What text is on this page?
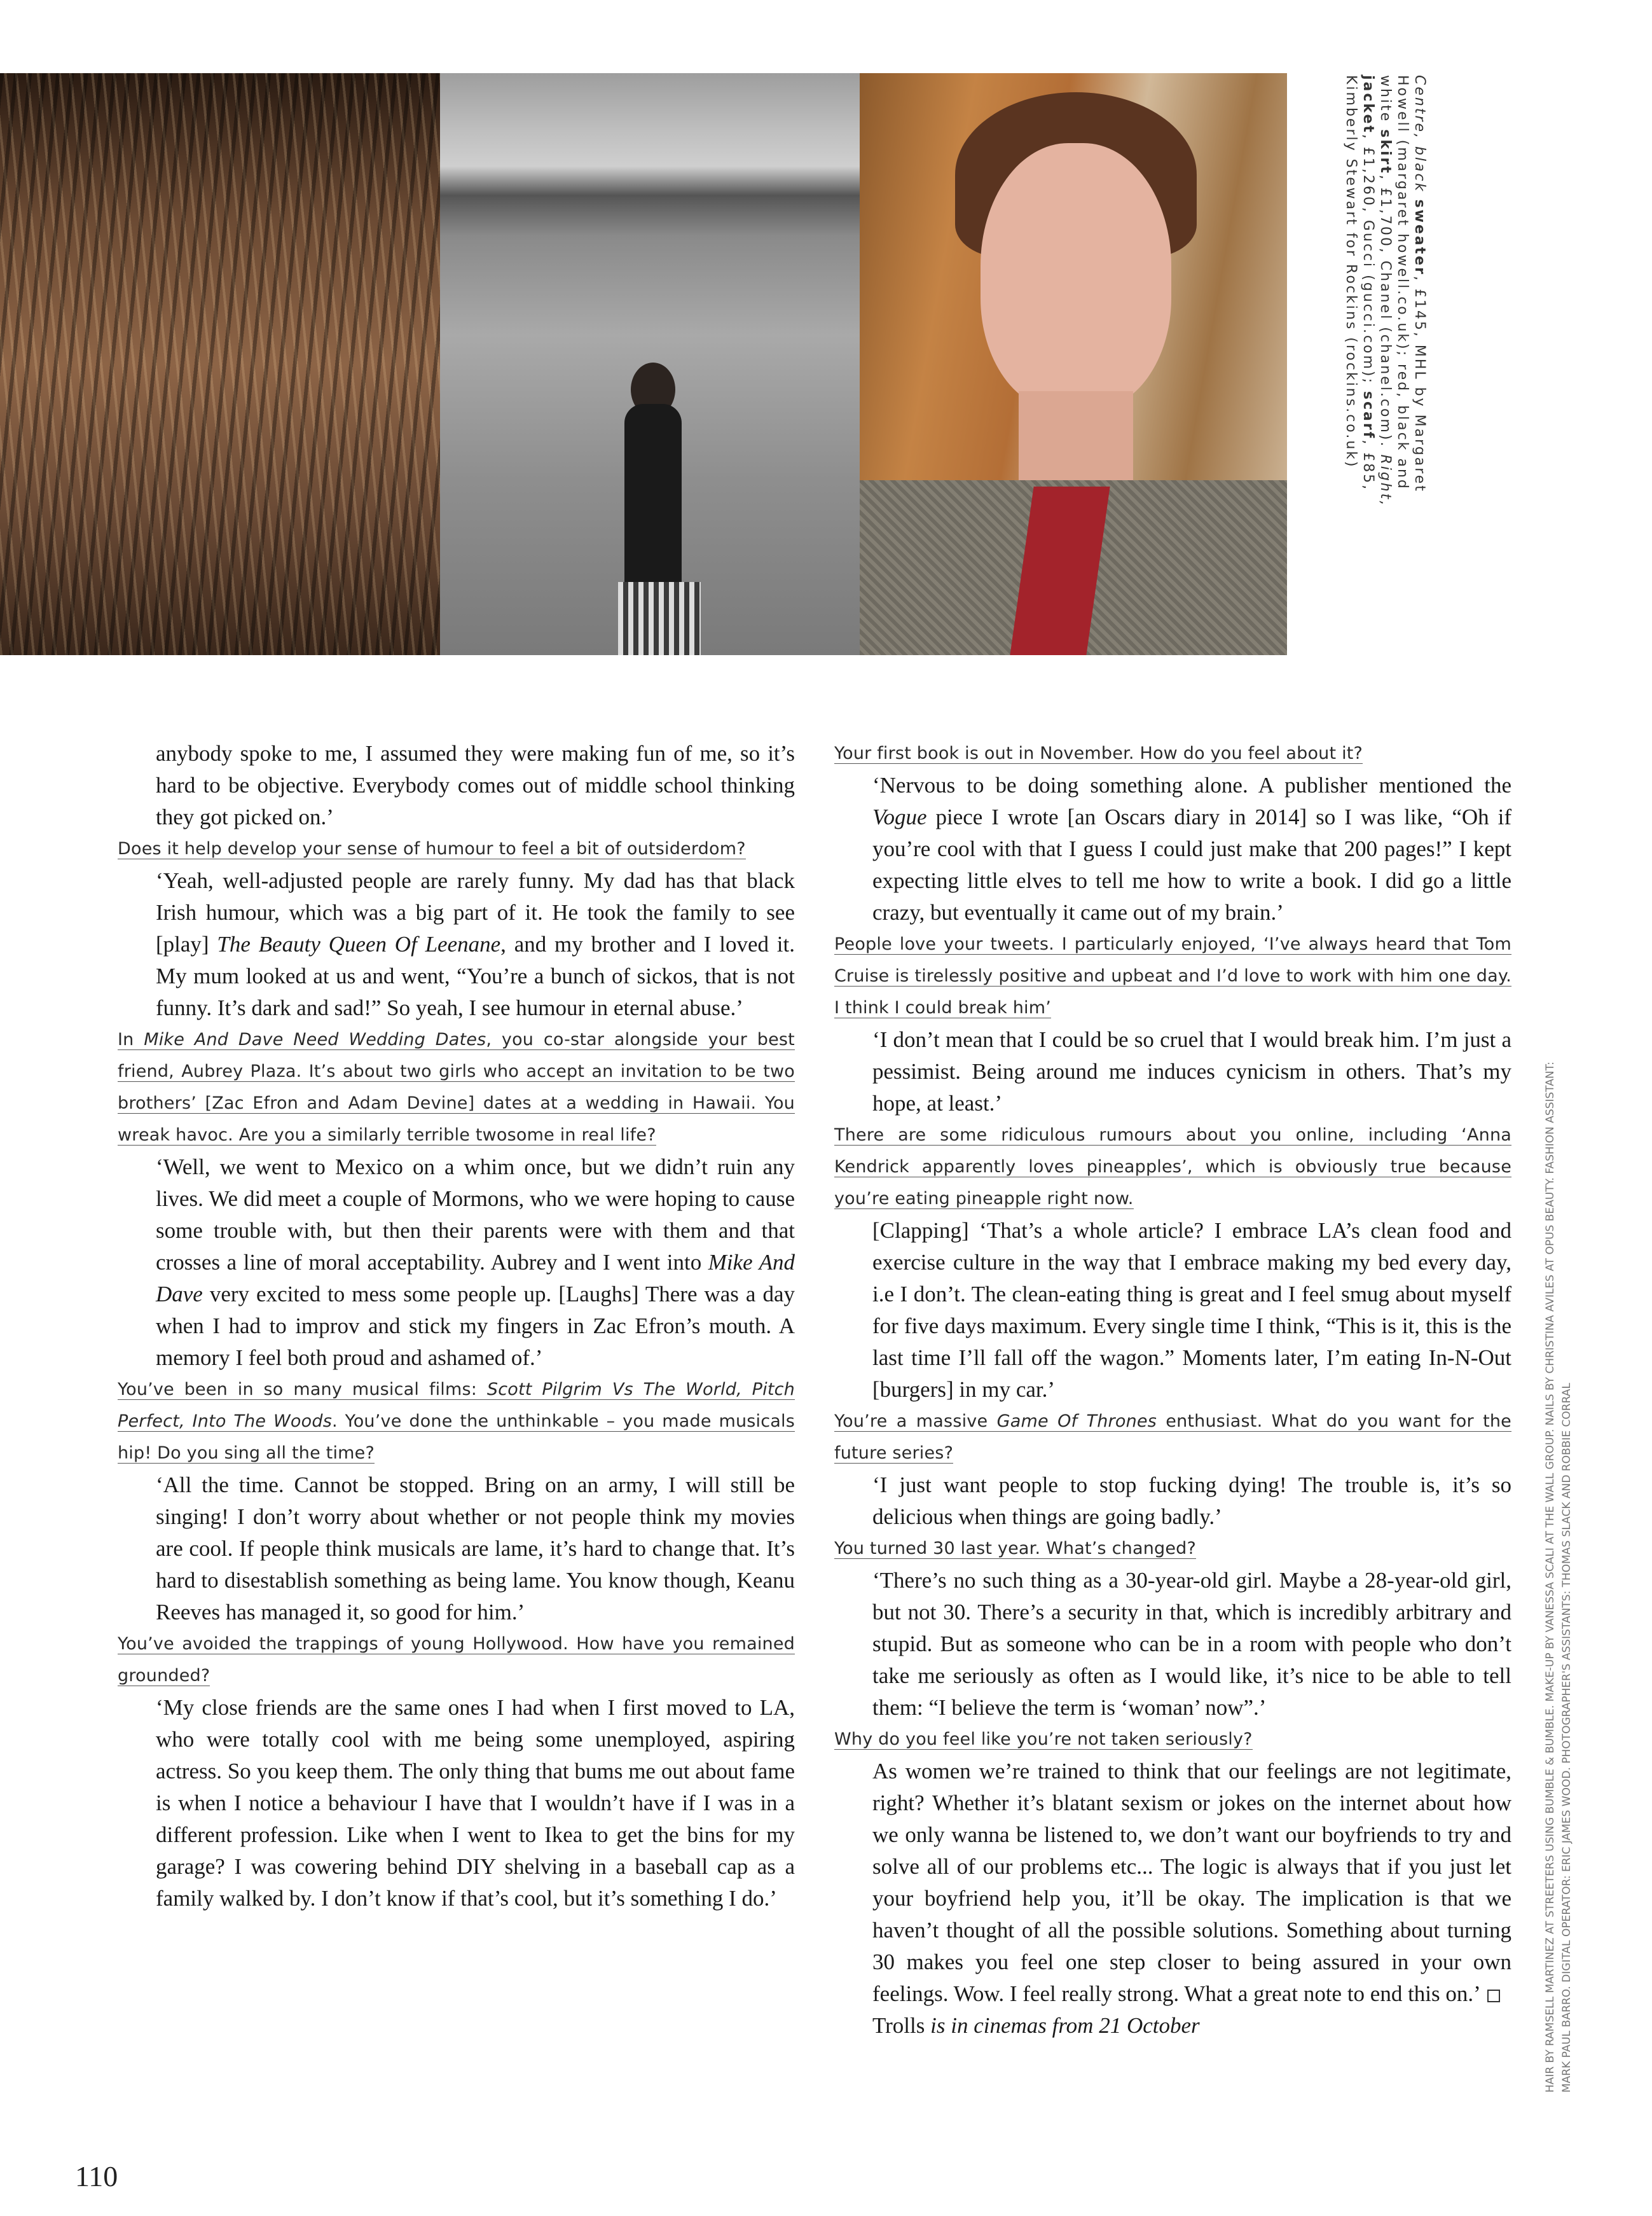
Centre, black sweater, £145, MHL by Margaret Howell (margaret howell.co.uk); red, black and white skirt, £1,700, Chanel (chanel.com). Right, jacket, £1,260, Gucci (gucci.com); scarf, £85, Kimberly Stewart for Rockins (rockins.co.uk)
HAIR BY RAMSELL MARTINEZ AT STREETERS USING BUMBLE & BUMBLE. MAKE-UP BY VANESSA SCALI AT THE WALL GROUP. NAILS BY CHRISTINA AVILES AT OPUS BEAUTY. FASHION ASSISTANT: MARK PAUL BARRO. DIGITAL OPERATOR: ERIC JAMES WOOD. PHOTOGRAPHER'S ASSISTANTS: THOMAS SLACK AND ROBBIE CORRAL

anybody spoke to me, I assumed they were making fun of me, so it’s hard to be objective. Everybody comes out of middle school thinking they got picked on.’

Does it help develop your sense of humour to feel a bit of outsiderdom?

‘Yeah, well-adjusted people are rarely funny. My dad has that black Irish humour, which was a big part of it. He took the family to see [play] The Beauty Queen Of Leenane, and my brother and I loved it. My mum looked at us and went, “You’re a bunch of sickos, that is not funny. It’s dark and sad!” So yeah, I see humour in eternal abuse.’

In Mike And Dave Need Wedding Dates, you co-star alongside your best friend, Aubrey Plaza. It’s about two girls who accept an invitation to be two brothers’ [Zac Efron and Adam Devine] dates at a wedding in Hawaii. You wreak havoc. Are you a similarly terrible twosome in real life?

‘Well, we went to Mexico on a whim once, but we didn’t ruin any lives. We did meet a couple of Mormons, who we were hoping to cause some trouble with, but then their parents were with them and that crosses a line of moral acceptability. Aubrey and I went into Mike And Dave very excited to mess some people up. [Laughs] There was a day when I had to improv and stick my fingers in Zac Efron’s mouth. A memory I feel both proud and ashamed of.’

You’ve been in so many musical films: Scott Pilgrim Vs The World, Pitch Perfect, Into The Woods. You’ve done the unthinkable – you made musicals hip! Do you sing all the time?

‘All the time. Cannot be stopped. Bring on an army, I will still be singing! I don’t worry about whether or not people think my movies are cool. If people think musicals are lame, it’s hard to change that. It’s hard to disestablish something as being lame. You know though, Keanu Reeves has managed it, so good for him.’

You’ve avoided the trappings of young Hollywood. How have you remained grounded?

‘My close friends are the same ones I had when I first moved to LA, who were totally cool with me being some unemployed, aspiring actress. So you keep them. The only thing that bums me out about fame is when I notice a behaviour I have that I wouldn’t have if I was in a different profession. Like when I went to Ikea to get the bins for my garage? I was cowering behind DIY shelving in a baseball cap as a family walked by. I don’t know if that’s cool, but it’s something I do.’

Your first book is out in November. How do you feel about it?

‘Nervous to be doing something alone. A publisher mentioned the Vogue piece I wrote [an Oscars diary in 2014] so I was like, “Oh if you’re cool with that I guess I could just make that 200 pages!” I kept expecting little elves to tell me how to write a book. I did go a little crazy, but eventually it came out of my brain.’

People love your tweets. I particularly enjoyed, ‘I’ve always heard that Tom Cruise is tirelessly positive and upbeat and I’d love to work with him one day. I think I could break him’

‘I don’t mean that I could be so cruel that I would break him. I’m just a pessimist. Being around me induces cynicism in others. That’s my hope, at least.’

There are some ridiculous rumours about you online, including ‘Anna Kendrick apparently loves pineapples’, which is obviously true because you’re eating pineapple right now.

[Clapping] ‘That’s a whole article? I embrace LA’s clean food and exercise culture in the way that I embrace making my bed every day, i.e I don’t. The clean-eating thing is great and I feel smug about myself for five days maximum. Every single time I think, “This is it, this is the last time I’ll fall off the wagon.” Moments later, I’m eating In-N-Out [burgers] in my car.’

You’re a massive Game Of Thrones enthusiast. What do you want for the future series?

‘I just want people to stop fucking dying! The trouble is, it’s so delicious when things are going badly.’

You turned 30 last year. What’s changed?

‘There’s no such thing as a 30-year-old girl. Maybe a 28-year-old girl, but not 30. There’s a security in that, which is incredibly arbitrary and stupid. But as someone who can be in a room with people who don’t take me seriously as often as I would like, it’s nice to be able to tell them: “I believe the term is ‘woman’ now”.’

Why do you feel like you’re not taken seriously?

As women we’re trained to think that our feelings are not legitimate, right? Whether it’s blatant sexism or jokes on the internet about how we only wanna be listened to, we don’t want our boyfriends to try and solve all of our problems etc... The logic is always that if you just let your boyfriend help you, it’ll be okay. The implication is that we haven’t thought of all the possible solutions. Something about turning 30 makes you feel one step closer to being assured in your own feelings. Wow. I feel really strong. What a great note to end this on.’

Trolls is in cinemas from 21 October

110
